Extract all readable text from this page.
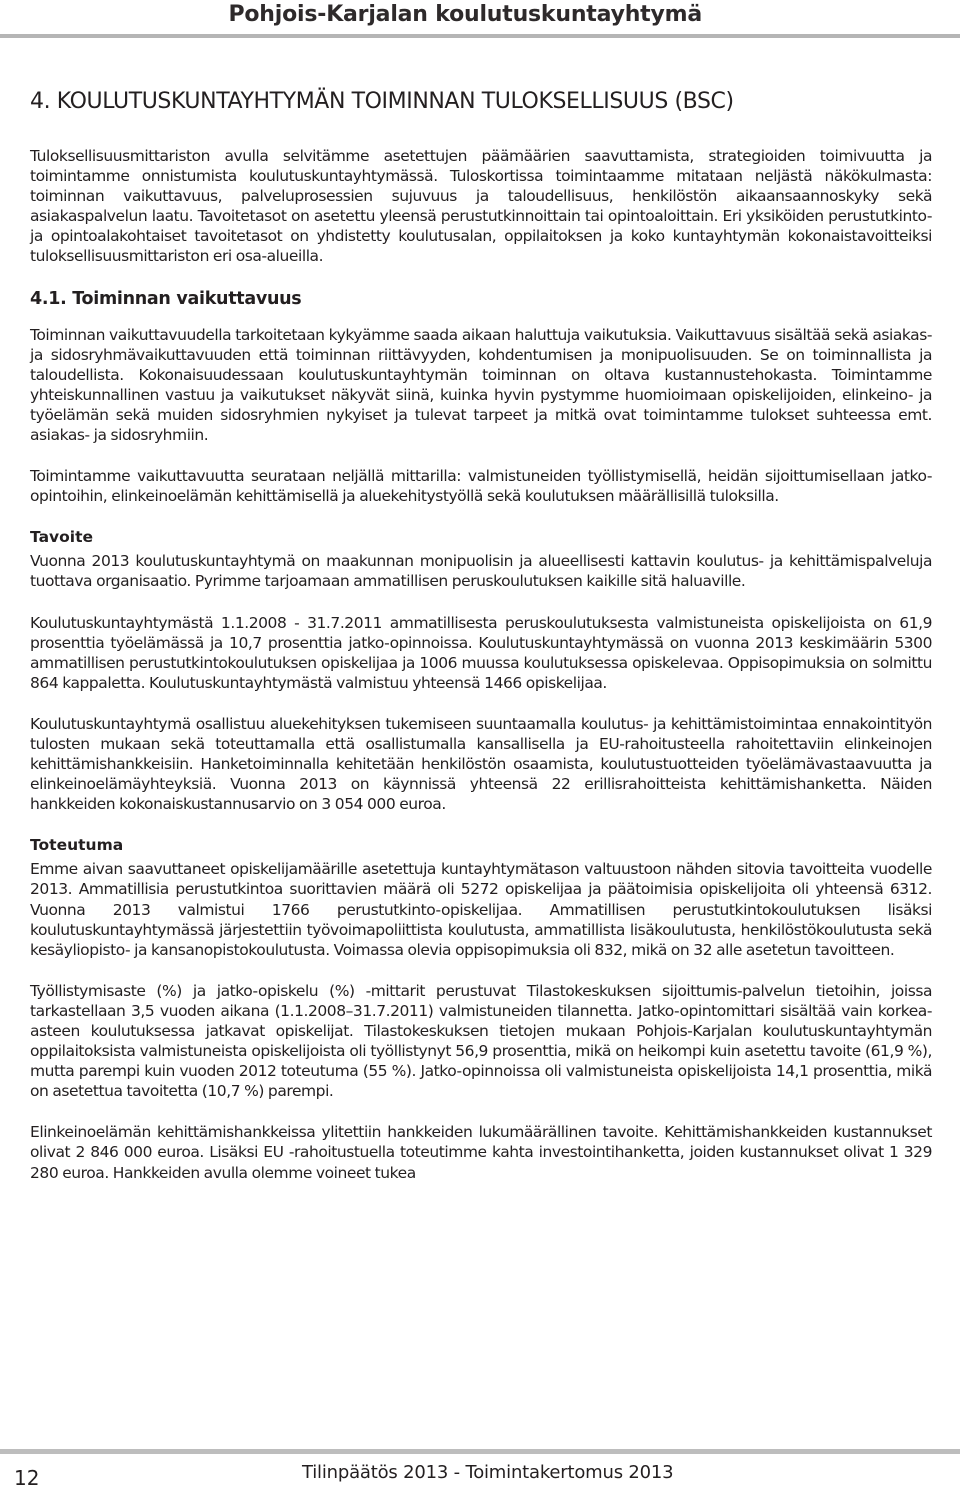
Pohjois-Karjalan koulutuskuntayhtymä
4. KOULUTUSKUNTAYHTYMÄN TOIMINNAN TULOKSELLISUUS (BSC)

Tuloksellisuusmittariston avulla selvitämme asetettujen päämäärien saavuttamista, strategioiden toimivuutta ja toimintamme onnistumista koulutuskuntayhtymässä. Tuloskortissa toimintaamme mitataan neljästä näkökulmasta: toiminnan vaikuttavuus, palveluprosessien sujuvuus ja taloudellisuus, henkilöstön aikaansaannoskyky sekä asiakaspalvelun laatu. Tavoitetasot on asetettu yleensä perustutkinnoittain tai opintoaloittain. Eri yksiköiden perustutkinto- ja opintoalakohtaiset tavoitetasot on yhdistetty koulutusalan, oppilaitoksen ja koko kuntayhtymän kokonaistavoitteiksi tuloksellisuusmittariston eri osa-alueilla.

4.1. Toiminnan vaikuttavuus

Toiminnan vaikuttavuudella tarkoitetaan kykyämme saada aikaan haluttuja vaikutuksia. Vaikuttavuus sisältää sekä asiakas- ja sidosryhmävaikuttavuuden että toiminnan riittävyyden, kohdentumisen ja monipuolisuuden. Se on toiminnallista ja taloudellista. Kokonaisuudessaan koulutuskuntayhtymän toiminnan on oltava kustannustehokasta. Toimintamme yhteiskunnallinen vastuu ja vaikutukset näkyvät siinä, kuinka hyvin pystymme huomioimaan opiskelijoiden, elinkeino- ja työelämän sekä muiden sidosryhmien nykyiset ja tulevat tarpeet ja mitkä ovat toimintamme tulokset suhteessa emt. asiakas- ja sidosryhmiin.

Toimintamme vaikuttavuutta seurataan neljällä mittarilla: valmistuneiden työllistymisellä, heidän sijoittumisellaan jatko-opintoihin, elinkeinoelämän kehittämisellä ja aluekehitystyöllä sekä koulutuksen määrällisillä tuloksilla.

Tavoite

Vuonna 2013 koulutuskuntayhtymä on maakunnan monipuolisin ja alueellisesti kattavin koulutus- ja kehittämispalveluja tuottava organisaatio. Pyrimme tarjoamaan ammatillisen peruskoulutuksen kaikille sitä haluaville.

Koulutuskuntayhtymästä 1.1.2008 - 31.7.2011 ammatillisesta peruskoulutuksesta valmistuneista opiskelijoista on 61,9 prosenttia työelämässä ja 10,7 prosenttia jatko-opinnoissa. Koulutuskuntayhtymässä on vuonna 2013 keskimäärin 5300 ammatillisen perustutkintokoulutuksen opiskelijaa ja 1006 muussa koulutuksessa opiskelevaa. Oppisopimuksia on solmittu 864 kappaletta. Koulutuskuntayhtymästä valmistuu yhteensä 1466 opiskelijaa.

Koulutuskuntayhtymä osallistuu aluekehityksen tukemiseen suuntaamalla koulutus- ja kehittämistoimintaa ennakointityön tulosten mukaan sekä toteuttamalla että osallistumalla kansallisella ja EU-rahoitusteella rahoitettaviin elinkeinojen kehittämishankkeisiin. Hanketoiminnalla kehitetään henkilöstön osaamista, koulutustuotteiden työelämävastaavuutta ja elinkeinoelämäyhteyksiä. Vuonna 2013 on käynnissä yhteensä 22 erillisrahoitteista kehittämishanketta. Näiden hankkeiden kokonaiskustannusarvio on 3 054 000 euroa.

Toteutuma

Emme aivan saavuttaneet opiskelijamäärille asetettuja kuntayhtymätason valtuustoon nähden sitovia tavoitteita vuodelle 2013. Ammatillisia perustutkintoa suorittavien määrä oli 5272 opiskelijaa ja päätoimisia opiskelijoita oli yhteensä 6312. Vuonna 2013 valmistui 1766 perustutkinto-opiskelijaa. Ammatillisen perustutkintokoulutuksen lisäksi koulutuskuntayhtymässä järjestettiin työvoimapoliittista koulutusta, ammatillista lisäkoulutusta, henkilöstökoulutusta sekä kesäyliopisto- ja kansanopistokoulutusta. Voimassa olevia oppisopimuksia oli 832, mikä on 32 alle asetetun tavoitteen.

Työllistymisaste (%) ja jatko-opiskelu (%) -mittarit perustuvat Tilastokeskuksen sijoittumis-palvelun tietoihin, joissa tarkastellaan 3,5 vuoden aikana (1.1.2008–31.7.2011) valmistuneiden tilannetta. Jatko-opintomittari sisältää vain korkea-asteen koulutuksessa jatkavat opiskelijat. Tilastokeskuksen tietojen mukaan Pohjois-Karjalan koulutuskuntayhtymän oppilaitoksista valmistuneista opiskelijoista oli työllistynyt 56,9 prosenttia, mikä on heikompi kuin asetettu tavoite (61,9 %), mutta parempi kuin vuoden 2012 toteutuma (55 %). Jatko-opinnoissa oli valmistuneista opiskelijoista 14,1 prosenttia, mikä on asetettua tavoitetta (10,7 %) parempi.

Elinkeinoelämän kehittämishankkeissa ylitettiin hankkeiden lukumäärällinen tavoite. Kehittämishankkeiden kustannukset olivat 2 846 000 euroa. Lisäksi EU -rahoitustuella toteutimme kahta investointihanketta, joiden kustannukset olivat 1 329 280 euroa. Hankkeiden avulla olemme voineet tukea

12	Tilinpäätös 2013 - Toimintakertomus 2013
